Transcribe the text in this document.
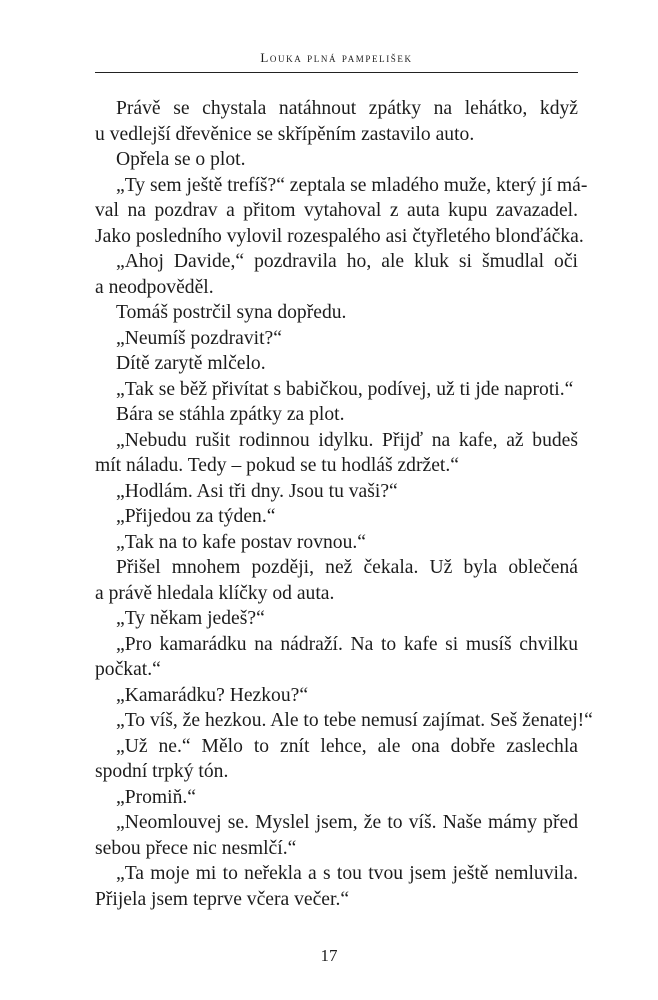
Louka plná pampelišek
Právě se chystala natáhnout zpátky na lehátko, když
u vedlejší dřevěnice se skřípěním zastavilo auto.
Opřela se o plot.
„Ty sem ještě trefíš?“ zeptala se mladého muže, který jí má-
val na pozdrav a přitom vytahoval z auta kupu zavazadel.
Jako posledního vylovil rozespalého asi čtyřletého blonďáčka.
„Ahoj Davide,“ pozdravila ho, ale kluk si šmudlal oči
a neodpověděl.
Tomáš postrčil syna dopředu.
„Neumíš pozdravit?“
Dítě zarytě mlčelo.
„Tak se běž přivítat s babičkou, podívej, už ti jde naproti.“
Bára se stáhla zpátky za plot.
„Nebudu rušit rodinnou idylku. Přijď na kafe, až budeš
mít náladu. Tedy – pokud se tu hodláš zdržet.“
„Hodlám. Asi tři dny. Jsou tu vaši?“
„Přijedou za týden.“
„Tak na to kafe postav rovnou.“
Přišel mnohem později, než čekala. Už byla oblečená
a právě hledala klíčky od auta.
„Ty někam jedeš?“
„Pro kamarádku na nádraží. Na to kafe si musíš chvilku
počkat.“
„Kamarádku? Hezkou?“
„To víš, že hezkou. Ale to tebe nemusí zajímat. Seš ženatej!“
„Už ne.“ Mělo to znít lehce, ale ona dobře zaslechla
spodní trpký tón.
„Promiň.“
„Neomlouvej se. Myslel jsem, že to víš. Naše mámy před
sebou přece nic nesmlčí.“
„Ta moje mi to neřekla a s tou tvou jsem ještě nemluvila.
Přijela jsem teprve včera večer.“
17
